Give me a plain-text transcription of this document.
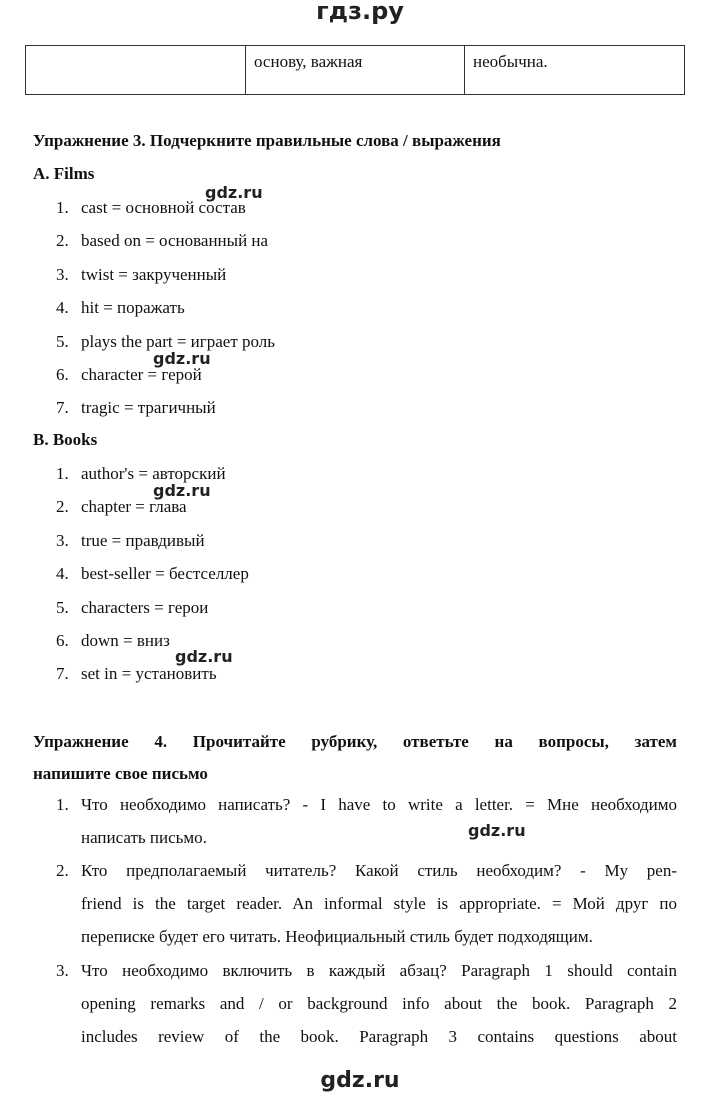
гдз.ру
	основу, важная	необычна.
Упражнение 3. Подчеркните правильные слова / выражения
A. Films
1. cast = основной состав
2. based on = основанный на
3. twist = закрученный
4. hit = поражать
5. plays the part = играет роль
6. character = герой
7. tragic = трагичный
B. Books
1. author's = авторский
2. chapter = глава
3. true = правдивый
4. best-seller = бестселлер
5. characters = герои
6. down = вниз
7. set in = установить
Упражнение 4. Прочитайте рубрику, ответьте на вопросы, затем
напишите свое письмо
1. Что необходимо написать? - I have to write a letter. = Мне необходимо
написать письмо.
2. Кто предполагаемый читатель? Какой стиль необходим? - My pen-
friend is the target reader. An informal style is appropriate. = Мой друг по
переписке будет его читать. Неофициальный стиль будет подходящим.
3. Что необходимо включить в каждый абзац? Paragraph 1 should contain
opening remarks and / or background info about the book. Paragraph 2
includes review of the book. Paragraph 3 contains questions about
gdz.ru
gdz.ru
gdz.ru
gdz.ru
gdz.ru
gdz.ru
